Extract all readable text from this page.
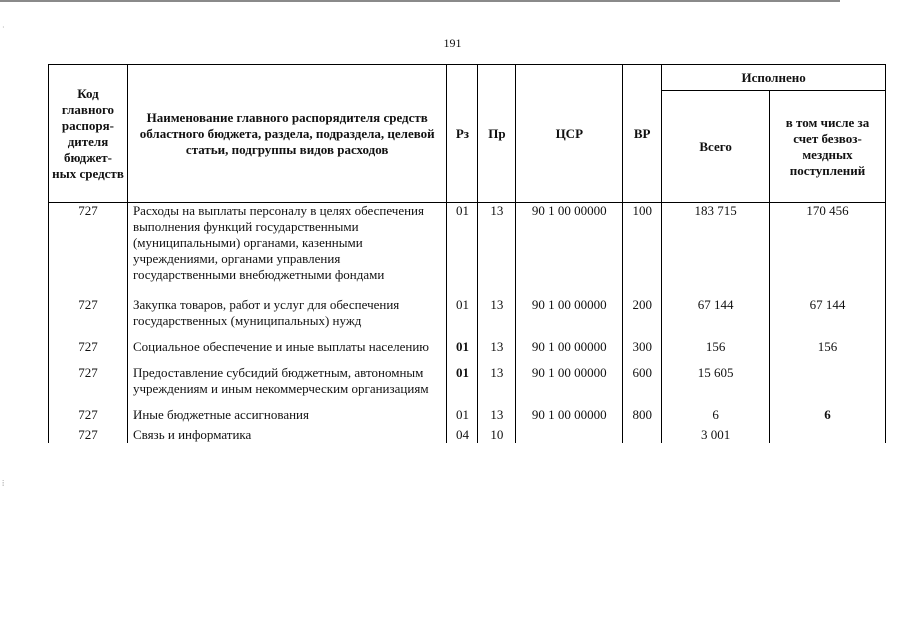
·
⁞
191
Код главного распоря-дителя бюджет-ных средств	Наименование главного распорядителя средств областного бюджета, раздела, подраздела, целевой статьи, подгруппы видов расходов	Рз	Пр	ЦСР	ВР	Исполнено	
						Всего	в том числе за счет безвоз-мездных поступлений
727	Расходы на выплаты персоналу в целях обеспечения выполнения функций государственными (муниципальными) органами, казенными учреждениями, органами управления государственными внебюджетными фондами	01	13	90 1 00 00000	100	183 715	170 456
727	Закупка товаров, работ и услуг для обеспечения государственных (муниципальных) нужд	01	13	90 1 00 00000	200	67 144	67 144
727	Социальное обеспечение и иные выплаты населению	01	13	90 1 00 00000	300	156	156
727	Предоставление субсидий бюджетным, автономным учреждениям и иным некоммерческим организациям	01	13	90 1 00 00000	600	15 605	
727	Иные бюджетные ассигнования	01	13	90 1 00 00000	800	6	6
727	Связь и информатика	04	10			3 001	
